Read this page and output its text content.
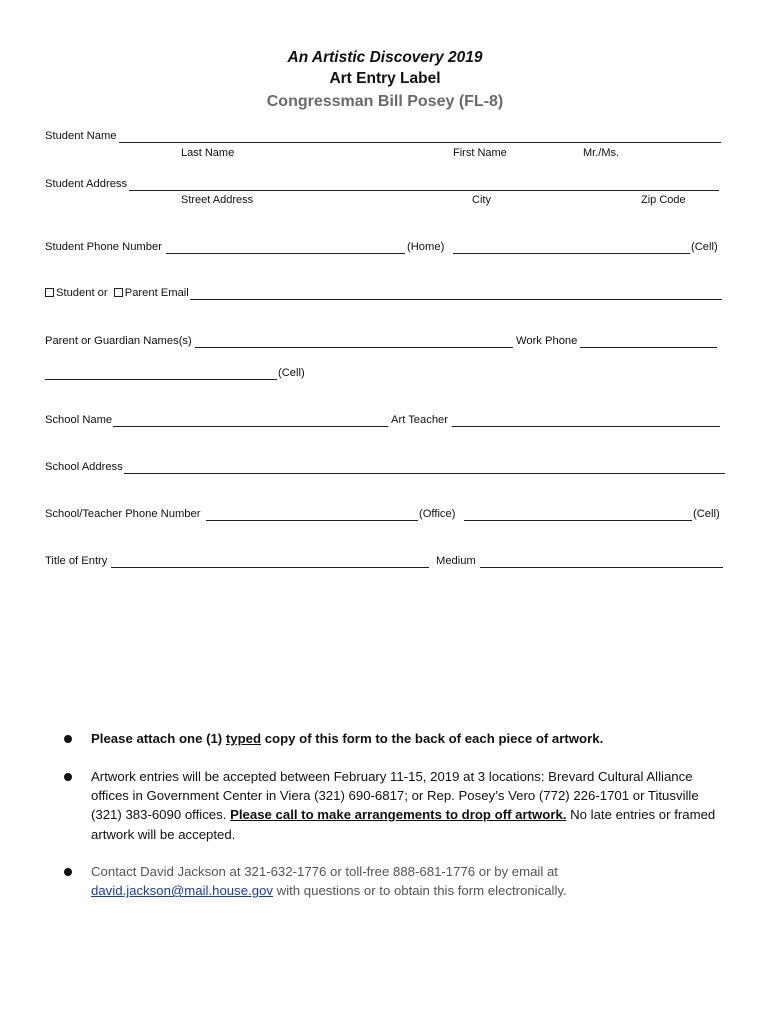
An Artistic Discovery 2019
Art Entry Label
Congressman Bill Posey (FL-8)
Student Name
Last Name	First Name	Mr./Ms.
Student Address
Street Address	City	Zip Code
Student Phone Number	(Home)	(Cell)
Student or Parent Email
Parent or Guardian Names(s)	Work Phone
(Cell)
School Name	Art Teacher
School Address
School/Teacher Phone Number	(Office)	(Cell)
Title of Entry	Medium
Please attach one (1) typed copy of this form to the back of each piece of artwork.
Artwork entries will be accepted between February 11-15, 2019 at 3 locations: Brevard Cultural Alliance offices in Government Center in Viera (321) 690-6817; or Rep. Posey’s Vero (772) 226-1701 or Titusville (321) 383-6090 offices. Please call to make arrangements to drop off artwork. No late entries or framed artwork will be accepted.
Contact David Jackson at 321-632-1776 or toll-free 888-681-1776 or by email at david.jackson@mail.house.gov with questions or to obtain this form electronically.
